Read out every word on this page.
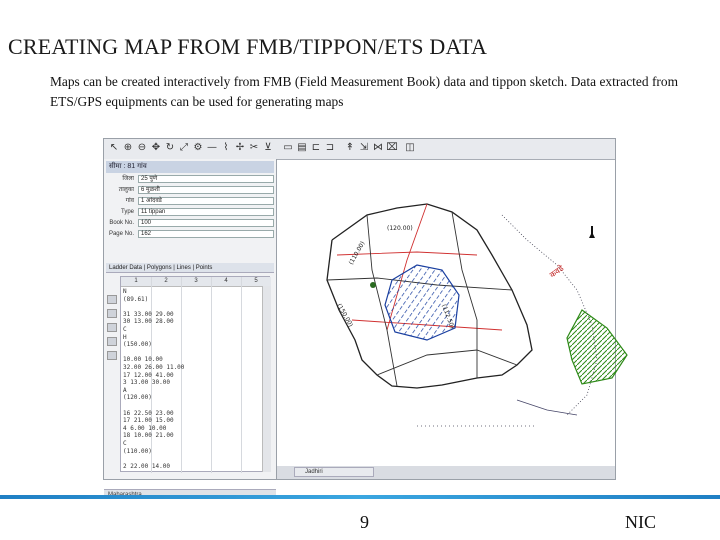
CREATING MAP FROM FMB/TIPPON/ETS DATA
Maps can be created interactively from FMB (Field Measurement Book) data and tippon sketch. Data extracted from ETS/GPS equipments can be used for generating maps
↖ ⊕ ⊖ ✥ ↻ ⤢ ⚙ — ⌇ ✢ ✂ ⊻ ▭ ▤ ⊏ ⊐ ↟ ⇲ ⋈ ⌧ ◫
सीमा : 81 गांव
जिला	25 पुणे
तालुका	6 मुळशी
गांव	1 आंदवडे
Type	11 tippan
Book No.	100
Page No.	162
Ladder Data | Polygons | Lines | Points
1	2	3	4	5
N
(89.61)
31 33.00 29.00
30 13.00 28.00
C
H
(150.00)
10.00 10.00
32.00 26.00 11.00
17 12.00 41.00
3 13.00 30.00
A
(120.00)
16 22.50 23.00
17 21.00 15.00
4 6.00 10.00
18 10.00 21.00
C
(110.00)
2 22.00 14.00
(120.00)
(150.00)	(112.50)
(110.00)
कवडे
Jadhiri
9	NIC
